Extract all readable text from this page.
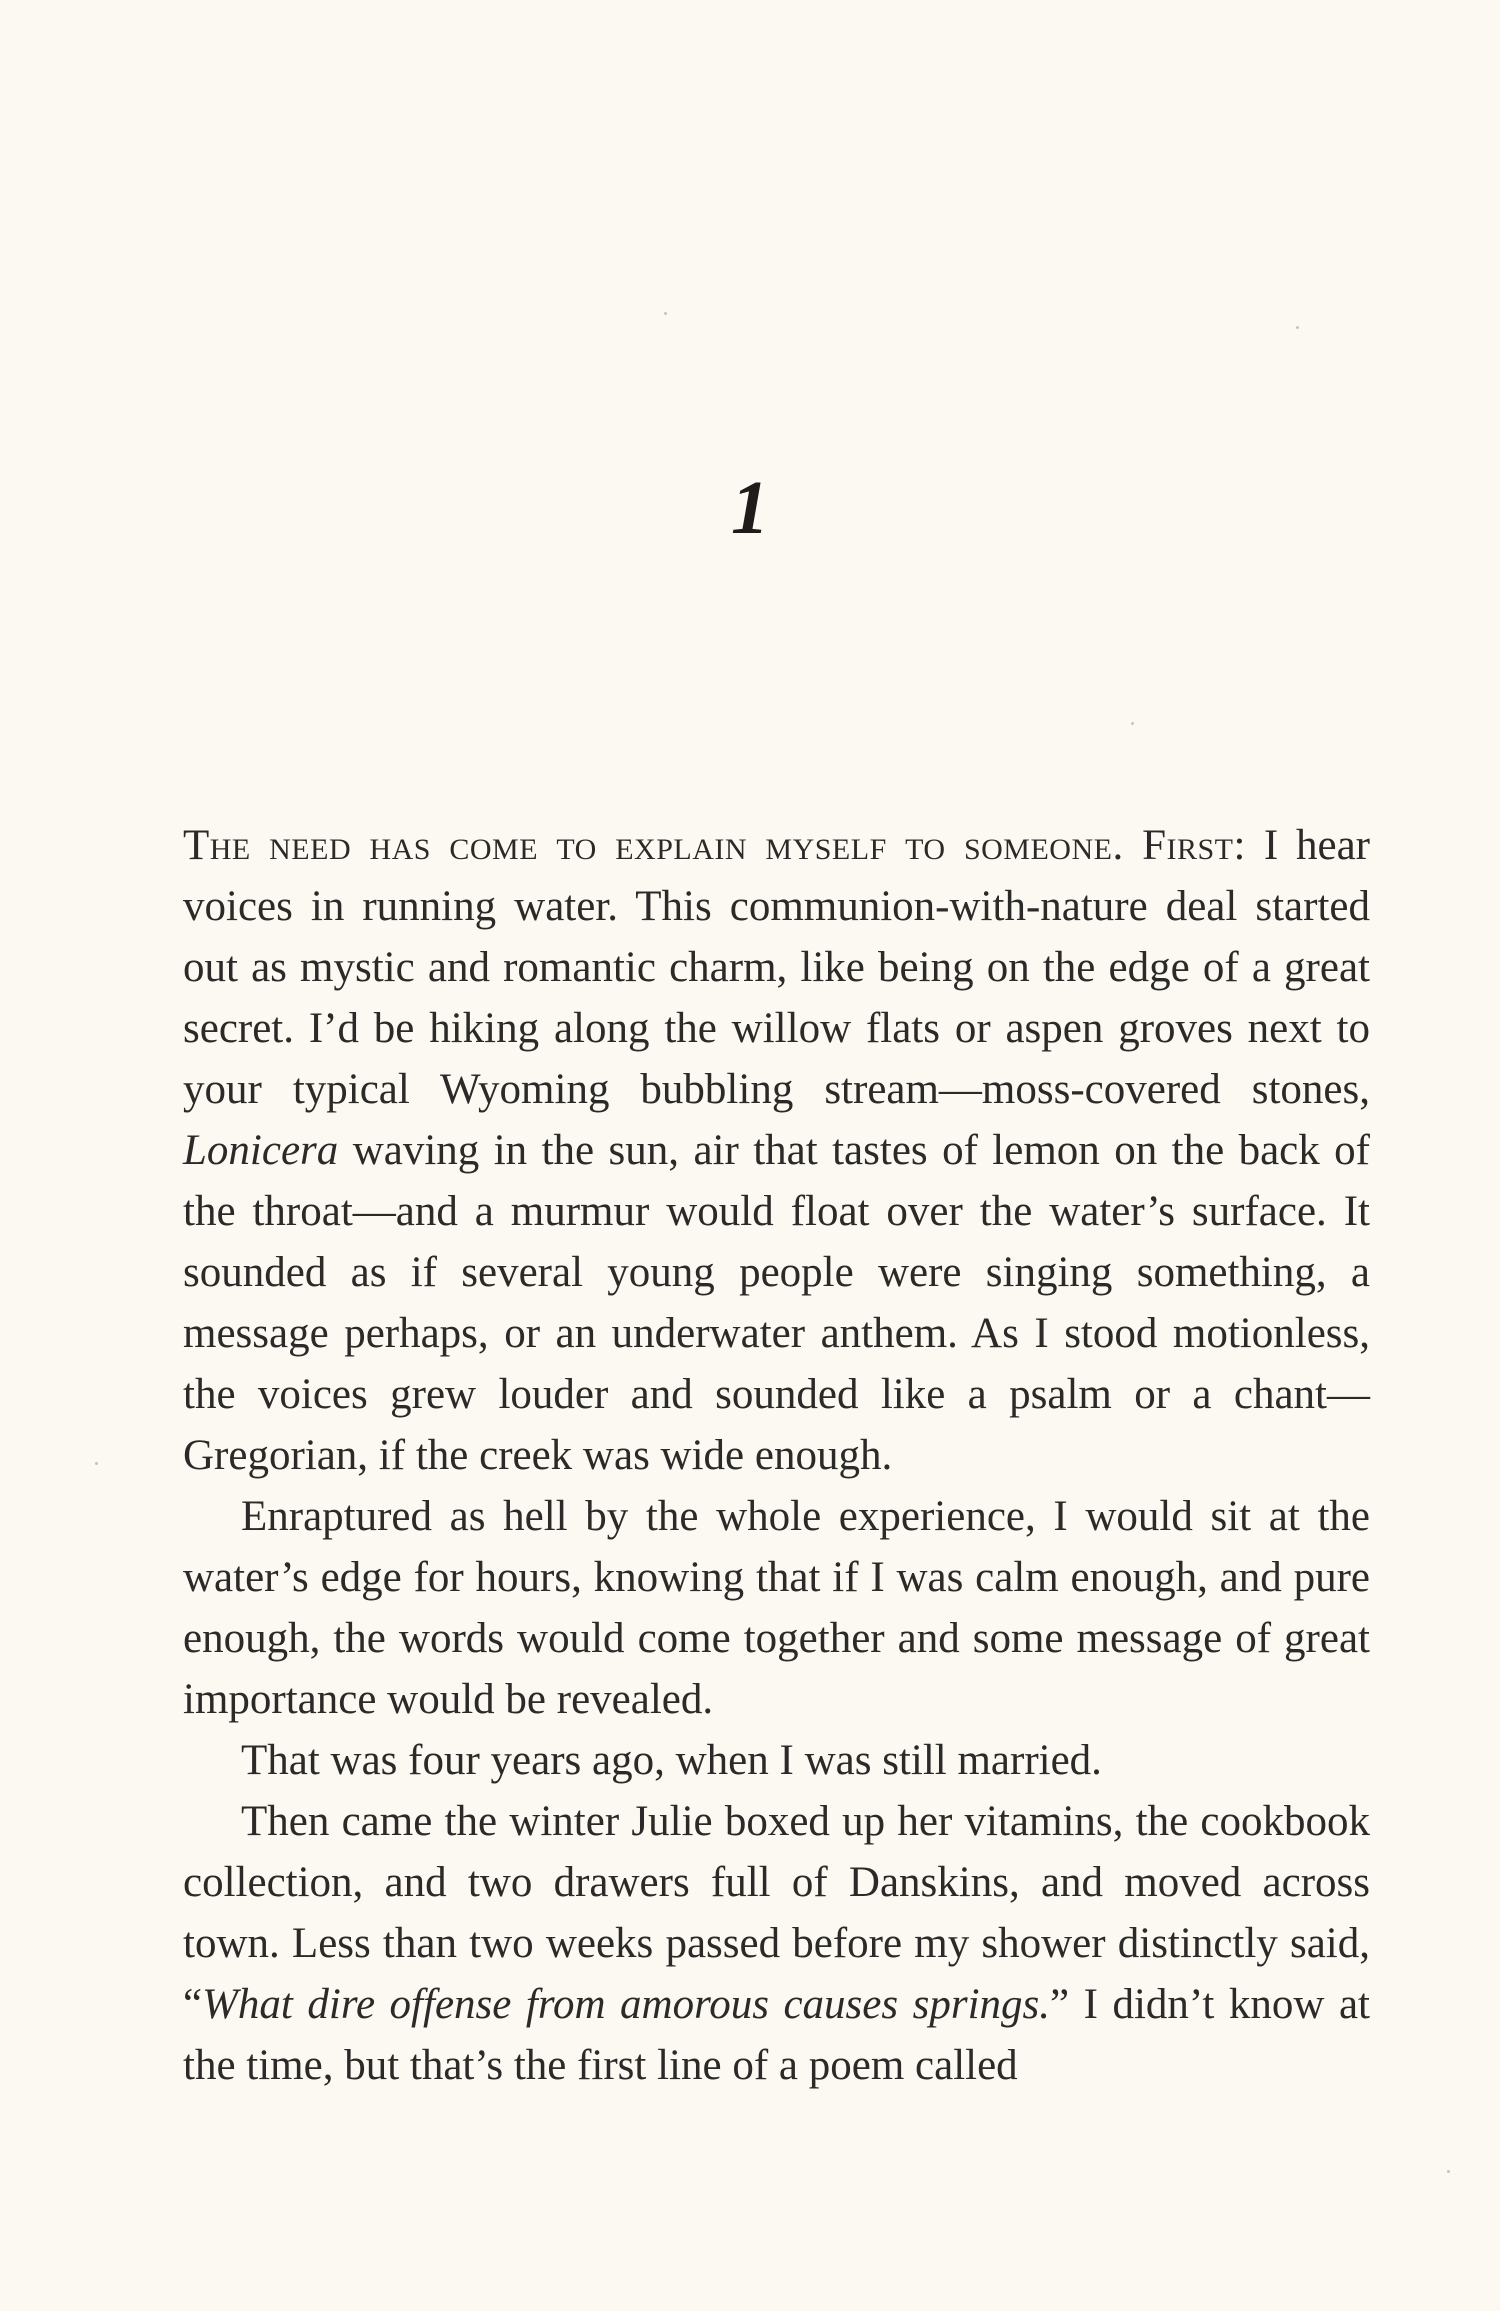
1

The need has come to explain myself to someone. First: I hear voices in running water. This communion-with-nature deal started out as mystic and romantic charm, like being on the edge of a great secret. I’d be hiking along the willow flats or aspen groves next to your typical Wyoming bubbling stream—moss-covered stones, Lonicera waving in the sun, air that tastes of lemon on the back of the throat—and a murmur would float over the water’s surface. It sounded as if several young people were singing something, a message perhaps, or an underwater anthem. As I stood motionless, the voices grew louder and sounded like a psalm or a chant—Gregorian, if the creek was wide enough.

Enraptured as hell by the whole experience, I would sit at the water’s edge for hours, knowing that if I was calm enough, and pure enough, the words would come together and some message of great importance would be revealed.

That was four years ago, when I was still married.

Then came the winter Julie boxed up her vitamins, the cookbook collection, and two drawers full of Danskins, and moved across town. Less than two weeks passed before my shower distinctly said, “What dire offense from amorous causes springs.” I didn’t know at the time, but that’s the first line of a poem called
